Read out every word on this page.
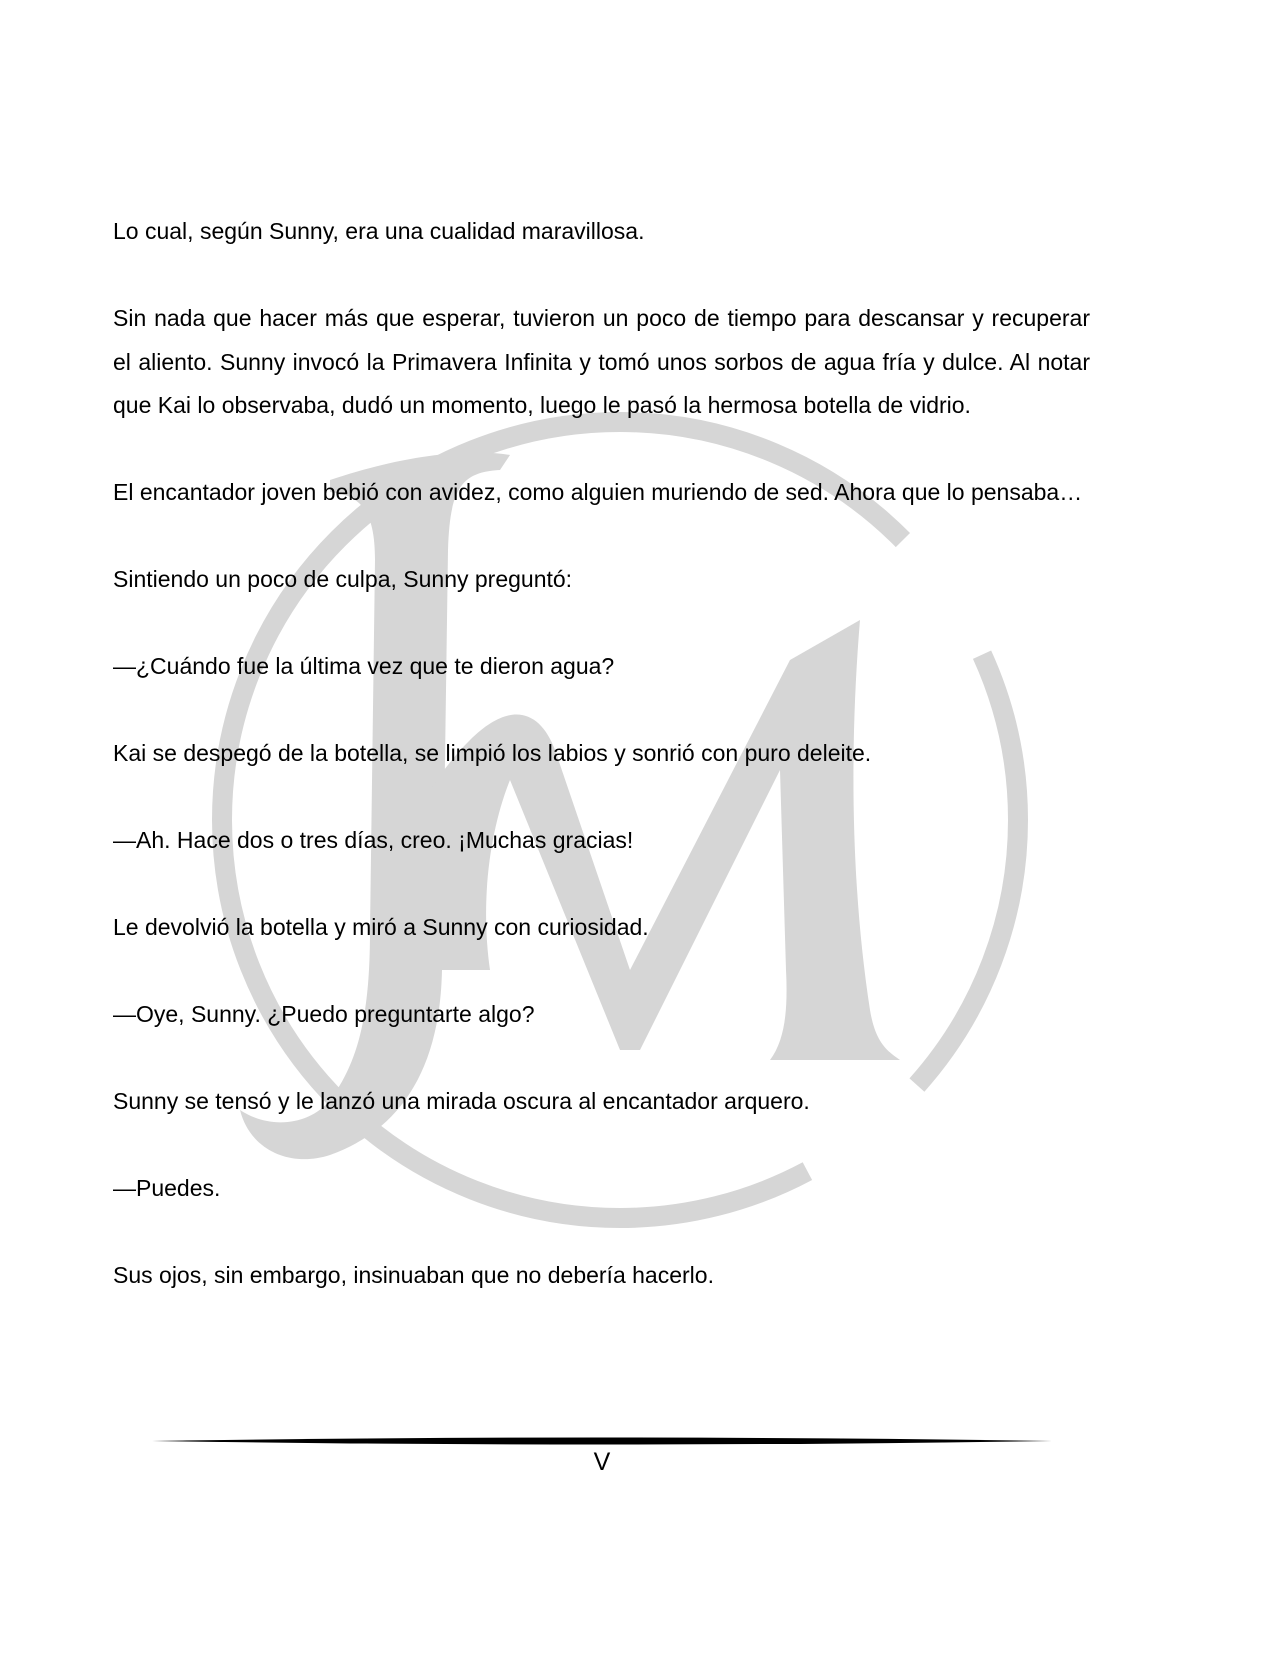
Lo cual, según Sunny, era una cualidad maravillosa.

Sin nada que hacer más que esperar, tuvieron un poco de tiempo para descansar y recuperar el aliento. Sunny invocó la Primavera Infinita y tomó unos sorbos de agua fría y dulce. Al notar que Kai lo observaba, dudó un momento, luego le pasó la hermosa botella de vidrio.

El encantador joven bebió con avidez, como alguien muriendo de sed. Ahora que lo pensaba…

Sintiendo un poco de culpa, Sunny preguntó:

—¿Cuándo fue la última vez que te dieron agua?

Kai se despegó de la botella, se limpió los labios y sonrió con puro deleite.

—Ah. Hace dos o tres días, creo. ¡Muchas gracias!

Le devolvió la botella y miró a Sunny con curiosidad.

—Oye, Sunny. ¿Puedo preguntarte algo?

Sunny se tensó y le lanzó una mirada oscura al encantador arquero.

—Puedes.

Sus ojos, sin embargo, insinuaban que no debería hacerlo.

V
